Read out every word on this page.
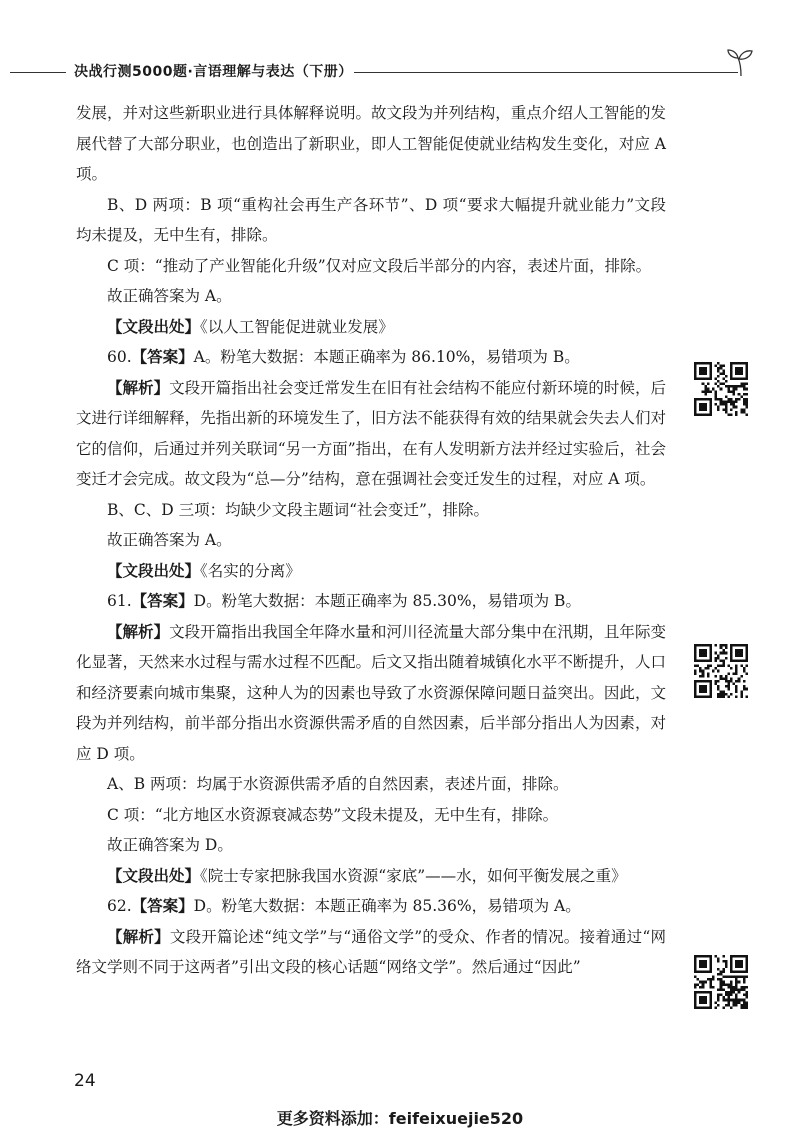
决战行测5000题·言语理解与表达（下册）

发展，并对这些新职业进行具体解释说明。故文段为并列结构，重点介绍人工智能的发展代替了大部分职业，也创造出了新职业，即人工智能促使就业结构发生变化，对应 A 项。

B、D 两项：B 项“重构社会再生产各环节”、D 项“要求大幅提升就业能力”文段均未提及，无中生有，排除。

C 项：“推动了产业智能化升级”仅对应文段后半部分的内容，表述片面，排除。

故正确答案为 A。

【文段出处】《以人工智能促进就业发展》

60.【答案】A。粉笔大数据：本题正确率为 86.10%，易错项为 B。

【解析】文段开篇指出社会变迁常发生在旧有社会结构不能应付新环境的时候，后文进行详细解释，先指出新的环境发生了，旧方法不能获得有效的结果就会失去人们对它的信仰，后通过并列关联词“另一方面”指出，在有人发明新方法并经过实验后，社会变迁才会完成。故文段为“总—分”结构，意在强调社会变迁发生的过程，对应 A 项。

B、C、D 三项：均缺少文段主题词“社会变迁”，排除。

故正确答案为 A。

【文段出处】《名实的分离》

61.【答案】D。粉笔大数据：本题正确率为 85.30%，易错项为 B。

【解析】文段开篇指出我国全年降水量和河川径流量大部分集中在汛期，且年际变化显著，天然来水过程与需水过程不匹配。后文又指出随着城镇化水平不断提升，人口和经济要素向城市集聚，这种人为的因素也导致了水资源保障问题日益突出。因此，文段为并列结构，前半部分指出水资源供需矛盾的自然因素，后半部分指出人为因素，对应 D 项。

A、B 两项：均属于水资源供需矛盾的自然因素，表述片面，排除。

C 项：“北方地区水资源衰减态势”文段未提及，无中生有，排除。

故正确答案为 D。

【文段出处】《院士专家把脉我国水资源“家底”——水，如何平衡发展之重》

62.【答案】D。粉笔大数据：本题正确率为 85.36%，易错项为 A。

【解析】文段开篇论述“纯文学”与“通俗文学”的受众、作者的情况。接着通过“网络文学则不同于这两者”引出文段的核心话题“网络文学”。然后通过“因此”

24
更多资料添加：feifeixuejie520
